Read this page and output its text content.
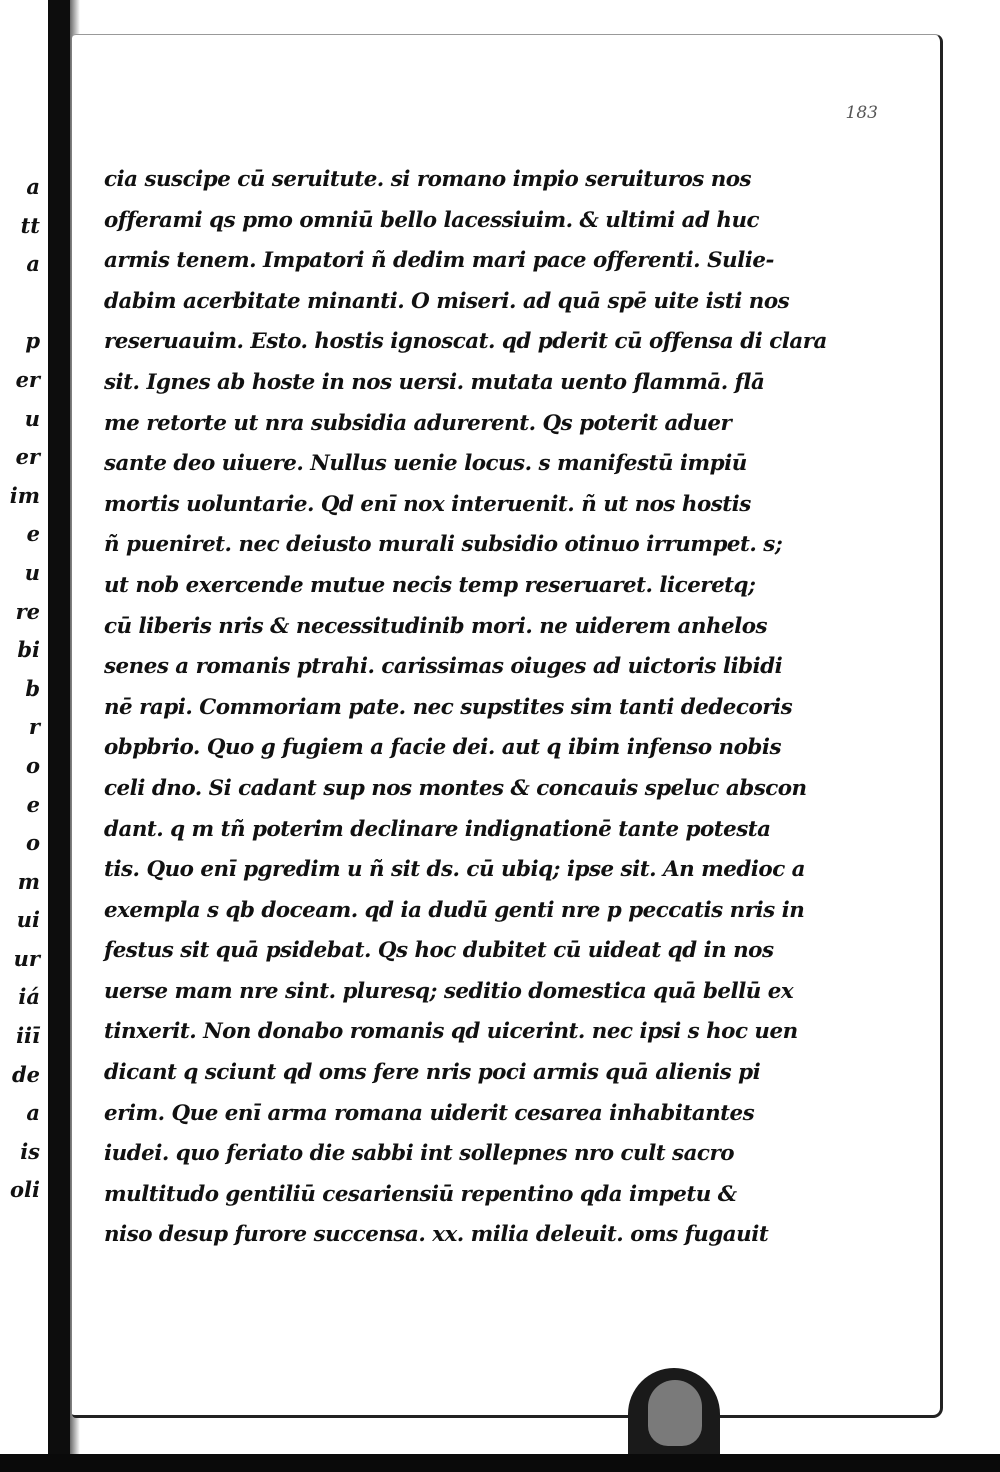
a
tt
a
p
er
u
er
im
e
u
re
bi
b
r
o
e
o
m
ui
ur
iá
iiī
de
a
is
oli
183
cia suscipe cū seruitute. si romano impio seruituros nos
offerami qs pmo omniū bello lacessiuim. & ultimi ad huc
armis tenem. Impatori ñ dedim mari pace offerenti. Sulie-
dabim acerbitate minanti. O miseri. ad quā spē uite isti nos
reseruauim. Esto. hostis ignoscat. qd pderit cū offensa di clara
sit. Ignes ab hoste in nos uersi. mutata uento flammā. flā
me retorte ut nra subsidia adurerent. Qs poterit aduer
sante deo uiuere. Nullus uenie locus. s manifestū impiū
mortis uoluntarie. Qd enī nox interuenit. ñ ut nos hostis
ñ pueniret. nec deiusto murali subsidio otinuo irrumpet. s;
ut nob exercende mutue necis temp reseruaret. liceretq;
cū liberis nris & necessitudinib mori. ne uiderem anhelos
senes a romanis ptrahi. carissimas oiuges ad uictoris libidi
nē rapi. Commoriam pate. nec supstites sim tanti dedecoris
obpbrio. Quo g fugiem a facie dei. aut q ibim infenso nobis
celi dno. Si cadant sup nos montes & concauis speluc abscon
dant. q m tñ poterim declinare indignationē tante potesta
tis. Quo enī pgredim u ñ sit ds. cū ubiq; ipse sit. An medioc a
exempla s qb doceam. qd ia dudū genti nre p peccatis nris in
festus sit quā psidebat. Qs hoc dubitet cū uideat qd in nos
uerse mam nre sint. pluresq; seditio domestica quā bellū ex
tinxerit. Non donabo romanis qd uicerint. nec ipsi s hoc uen
dicant q sciunt qd oms fere nris poci armis quā alienis pi
erim. Que enī arma romana uiderit cesarea inhabitantes
iudei. quo feriato die sabbi int sollepnes nro cult sacro
multitudo gentiliū cesariensiū repentino qda impetu &
niso desup furore succensa. xx. milia deleuit. oms fugauit
